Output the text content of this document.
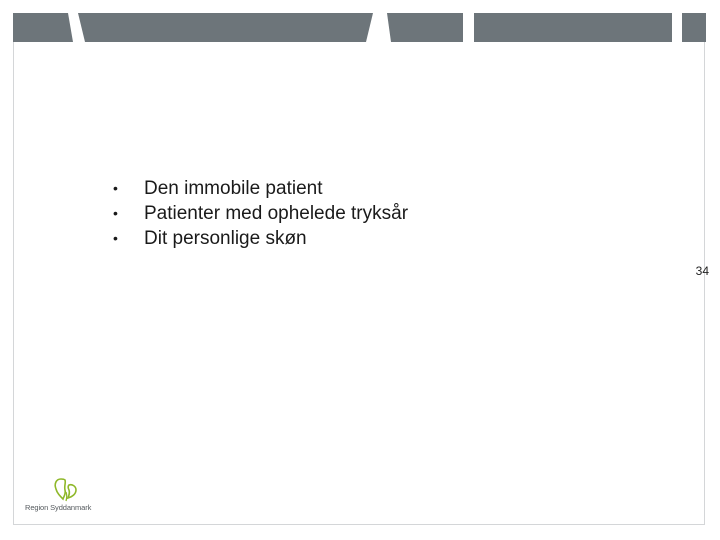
• Den immobile patient
• Patienter med ophelede tryksår
• Dit personlige skøn
34
Region Syddanmark
